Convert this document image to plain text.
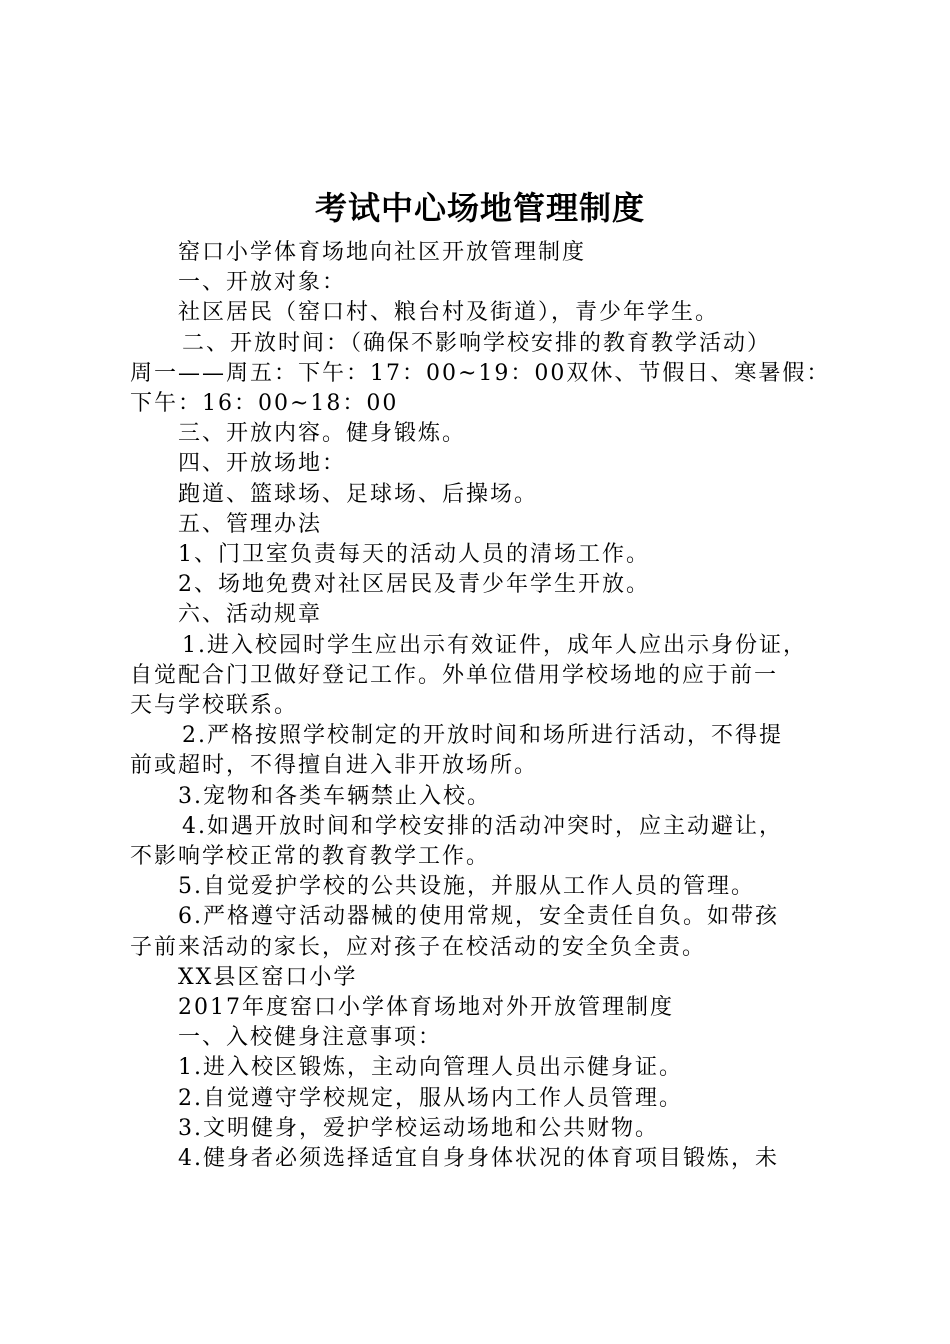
考试中心场地管理制度

窑口小学体育场地向社区开放管理制度

一、开放对象：

社区居民（窑口村、粮台村及街道），青少年学生。

二、开放时间：（确保不影响学校安排的教育教学活动）

周一——周五：下午：17：00~19：00双休、节假日、寒暑假：

下午：16：00~18：00

三、开放内容。健身锻炼。

四、开放场地：

跑道、篮球场、足球场、后操场。

五、管理办法

1、门卫室负责每天的活动人员的清场工作。

2、场地免费对社区居民及青少年学生开放。

六、活动规章

1.进入校园时学生应出示有效证件，成年人应出示身份证，

自觉配合门卫做好登记工作。外单位借用学校场地的应于前一

天与学校联系。

2.严格按照学校制定的开放时间和场所进行活动，不得提

前或超时，不得擅自进入非开放场所。

3.宠物和各类车辆禁止入校。

4.如遇开放时间和学校安排的活动冲突时，应主动避让，

不影响学校正常的教育教学工作。

5.自觉爱护学校的公共设施，并服从工作人员的管理。

6.严格遵守活动器械的使用常规，安全责任自负。如带孩

子前来活动的家长，应对孩子在校活动的安全负全责。

XX县区窑口小学

2017年度窑口小学体育场地对外开放管理制度

一、入校健身注意事项：

1.进入校区锻炼，主动向管理人员出示健身证。

2.自觉遵守学校规定，服从场内工作人员管理。

3.文明健身，爱护学校运动场地和公共财物。

4.健身者必须选择适宜自身身体状况的体育项目锻炼，未
